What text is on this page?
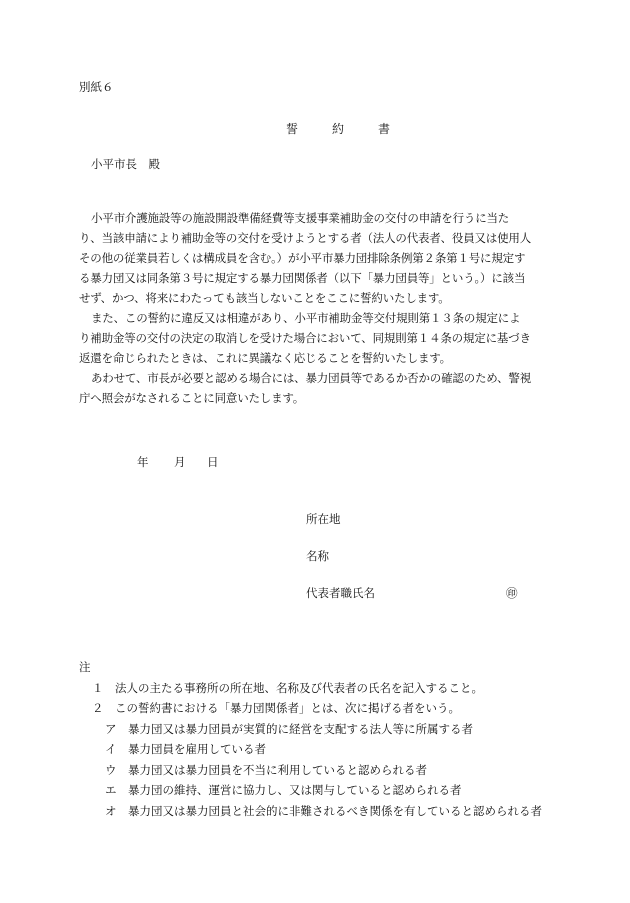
別紙６
誓　約　書
小平市長　殿
小平市介護施設等の施設開設準備経費等支援事業補助金の交付の申請を行うに当たり、当該申請により補助金等の交付を受けようとする者（法人の代表者、役員又は使用人その他の従業員若しくは構成員を含む。）が小平市暴力団排除条例第２条第１号に規定する暴力団又は同条第３号に規定する暴力団関係者（以下「暴力団員等」という。）に該当せず、かつ、将来にわたっても該当しないことをここに誓約いたします。
また、この誓約に違反又は相違があり、小平市補助金等交付規則第１３条の規定により補助金等の交付の決定の取消しを受けた場合において、同規則第１４条の規定に基づき返還を命じられたときは、これに異議なく応じることを誓約いたします。
あわせて、市長が必要と認める場合には、暴力団員等であるか否かの確認のため、警視庁へ照会がなされることに同意いたします。
年 月 日
所在地
名称
代表者職氏名	㊞
注
１　法人の主たる事務所の所在地、名称及び代表者の氏名を記入すること。
２　この誓約書における「暴力団関係者」とは、次に掲げる者をいう。
ア　暴力団又は暴力団員が実質的に経営を支配する法人等に所属する者
イ　暴力団員を雇用している者
ウ　暴力団又は暴力団員を不当に利用していると認められる者
エ　暴力団の維持、運営に協力し、又は関与していると認められる者
オ　暴力団又は暴力団員と社会的に非難されるべき関係を有していると認められる者
